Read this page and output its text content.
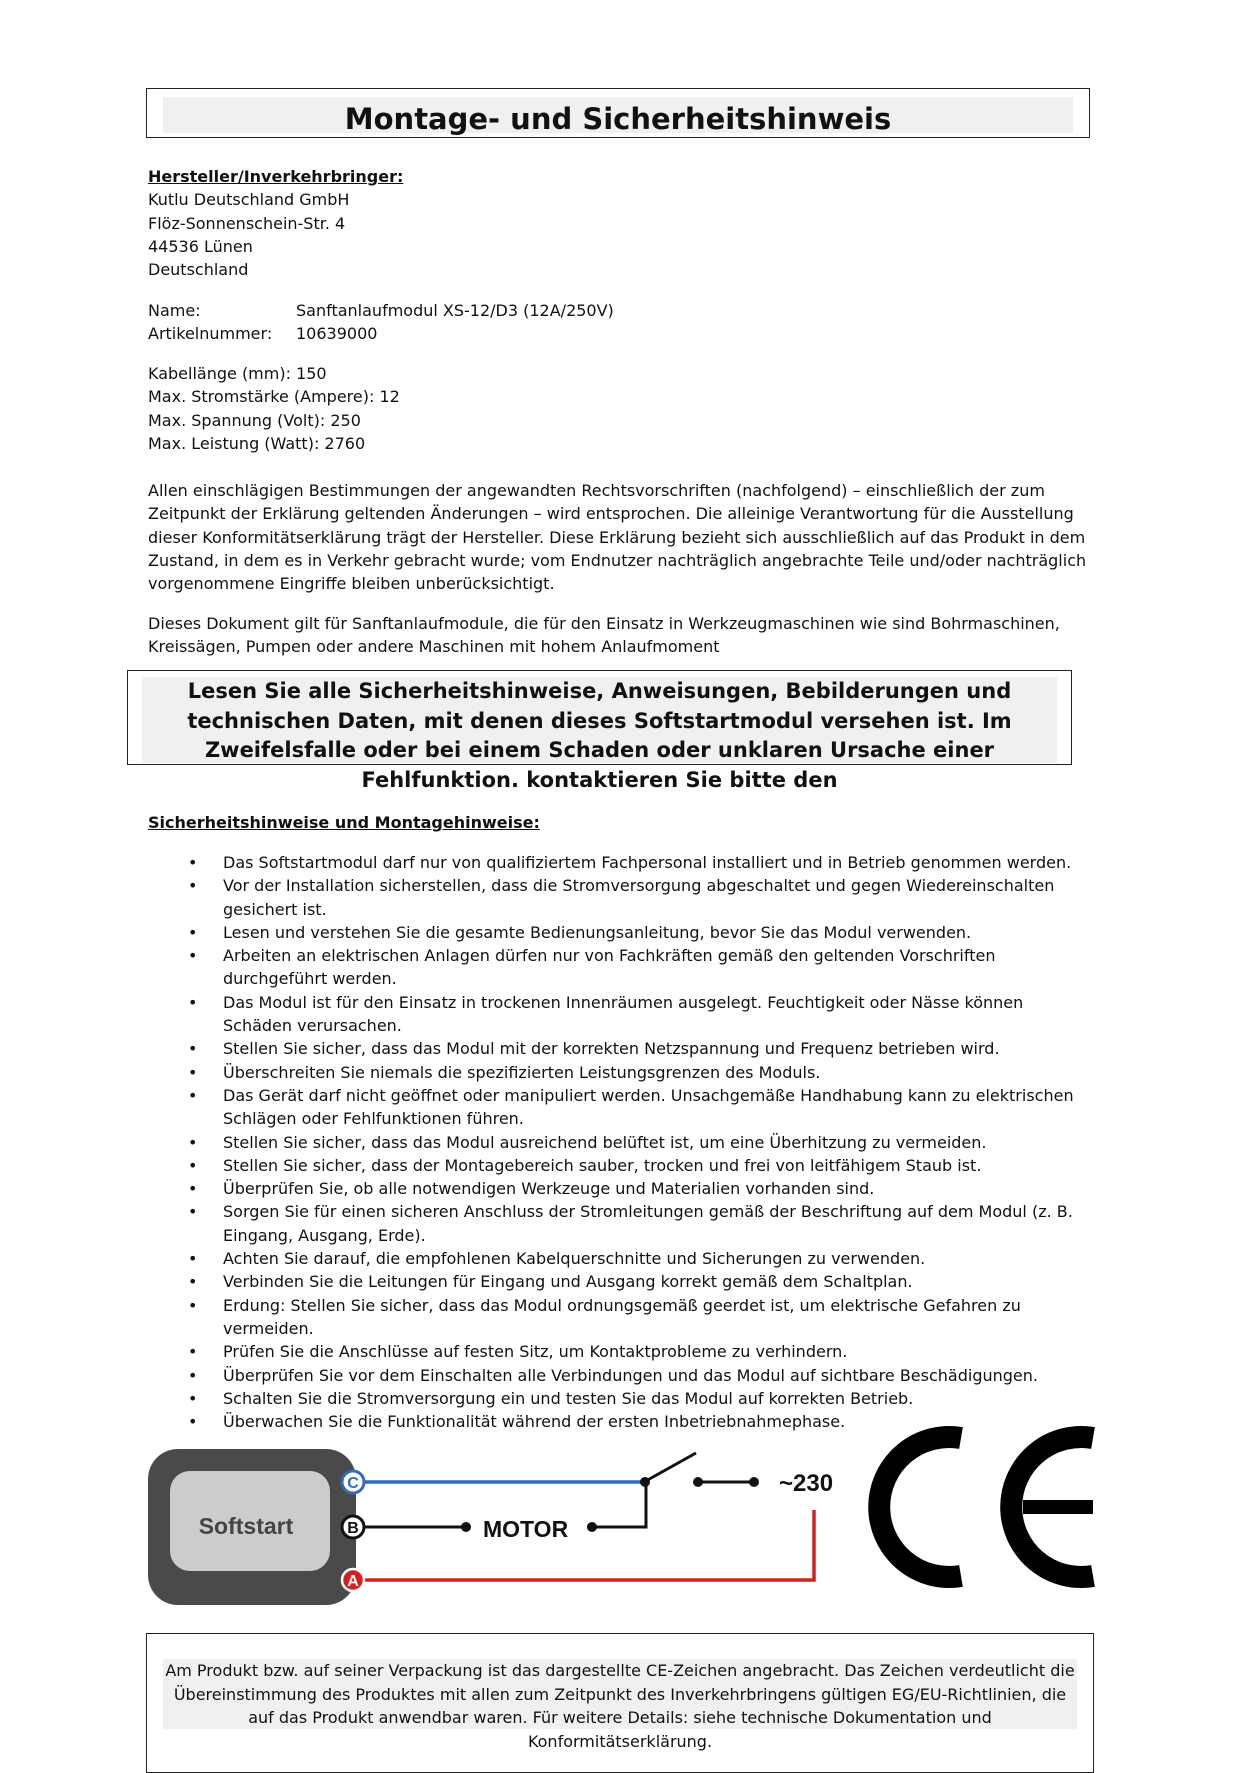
Montage- und Sicherheitshinweis
Hersteller/Inverkehrbringer:
Kutlu Deutschland GmbH
Flöz-Sonnenschein-Str. 4
44536 Lünen
Deutschland
Name:	Sanftanlaufmodul XS-12/D3 (12A/250V)
Artikelnummer:	10639000
Kabellänge (mm): 150
Max. Stromstärke (Ampere): 12
Max. Spannung (Volt): 250
Max. Leistung (Watt): 2760
Allen einschlägigen Bestimmungen der angewandten Rechtsvorschriften (nachfolgend) – einschließlich der zum Zeitpunkt der Erklärung geltenden Änderungen – wird entsprochen. Die alleinige Verantwortung für die Ausstellung dieser Konformitätserklärung trägt der Hersteller. Diese Erklärung bezieht sich ausschließlich auf das Produkt in dem Zustand, in dem es in Verkehr gebracht wurde; vom Endnutzer nachträglich angebrachte Teile und/oder nachträglich vorgenommene Eingriffe bleiben unberücksichtigt.
Dieses Dokument gilt für Sanftanlaufmodule, die für den Einsatz in Werkzeugmaschinen wie sind Bohrmaschinen, Kreissägen, Pumpen oder andere Maschinen mit hohem Anlaufmoment
Lesen Sie alle Sicherheitshinweise, Anweisungen, Bebilderungen und technischen Daten, mit denen dieses Softstartmodul versehen ist. Im Zweifelsfalle oder bei einem Schaden oder unklaren Ursache einer Fehlfunktion. kontaktieren Sie bitte den
Sicherheitshinweise und Montagehinweise:
• Das Softstartmodul darf nur von qualifiziertem Fachpersonal installiert und in Betrieb genommen werden.
• Vor der Installation sicherstellen, dass die Stromversorgung abgeschaltet und gegen Wiedereinschalten gesichert ist.
• Lesen und verstehen Sie die gesamte Bedienungsanleitung, bevor Sie das Modul verwenden.
• Arbeiten an elektrischen Anlagen dürfen nur von Fachkräften gemäß den geltenden Vorschriften durchgeführt werden.
• Das Modul ist für den Einsatz in trockenen Innenräumen ausgelegt. Feuchtigkeit oder Nässe können Schäden verursachen.
• Stellen Sie sicher, dass das Modul mit der korrekten Netzspannung und Frequenz betrieben wird.
• Überschreiten Sie niemals die spezifizierten Leistungsgrenzen des Moduls.
• Das Gerät darf nicht geöffnet oder manipuliert werden. Unsachgemäße Handhabung kann zu elektrischen Schlägen oder Fehlfunktionen führen.
• Stellen Sie sicher, dass das Modul ausreichend belüftet ist, um eine Überhitzung zu vermeiden.
• Stellen Sie sicher, dass der Montagebereich sauber, trocken und frei von leitfähigem Staub ist.
• Überprüfen Sie, ob alle notwendigen Werkzeuge und Materialien vorhanden sind.
• Sorgen Sie für einen sicheren Anschluss der Stromleitungen gemäß der Beschriftung auf dem Modul (z. B. Eingang, Ausgang, Erde).
• Achten Sie darauf, die empfohlenen Kabelquerschnitte und Sicherungen zu verwenden.
• Verbinden Sie die Leitungen für Eingang und Ausgang korrekt gemäß dem Schaltplan.
• Erdung: Stellen Sie sicher, dass das Modul ordnungsgemäß geerdet ist, um elektrische Gefahren zu vermeiden.
• Prüfen Sie die Anschlüsse auf festen Sitz, um Kontaktprobleme zu verhindern.
• Überprüfen Sie vor dem Einschalten alle Verbindungen und das Modul auf sichtbare Beschädigungen.
• Schalten Sie die Stromversorgung ein und testen Sie das Modul auf korrekten Betrieb.
• Überwachen Sie die Funktionalität während der ersten Inbetriebnahmephase.
Softstart
~230
MOTOR
C
B
A
Am Produkt bzw. auf seiner Verpackung ist das dargestellte CE-Zeichen angebracht. Das Zeichen verdeutlicht die Übereinstimmung des Produktes mit allen zum Zeitpunkt des Inverkehrbringens gültigen EG/EU-Richtlinien, die auf das Produkt anwendbar waren. Für weitere Details: siehe technische Dokumentation und Konformitätserklärung.
